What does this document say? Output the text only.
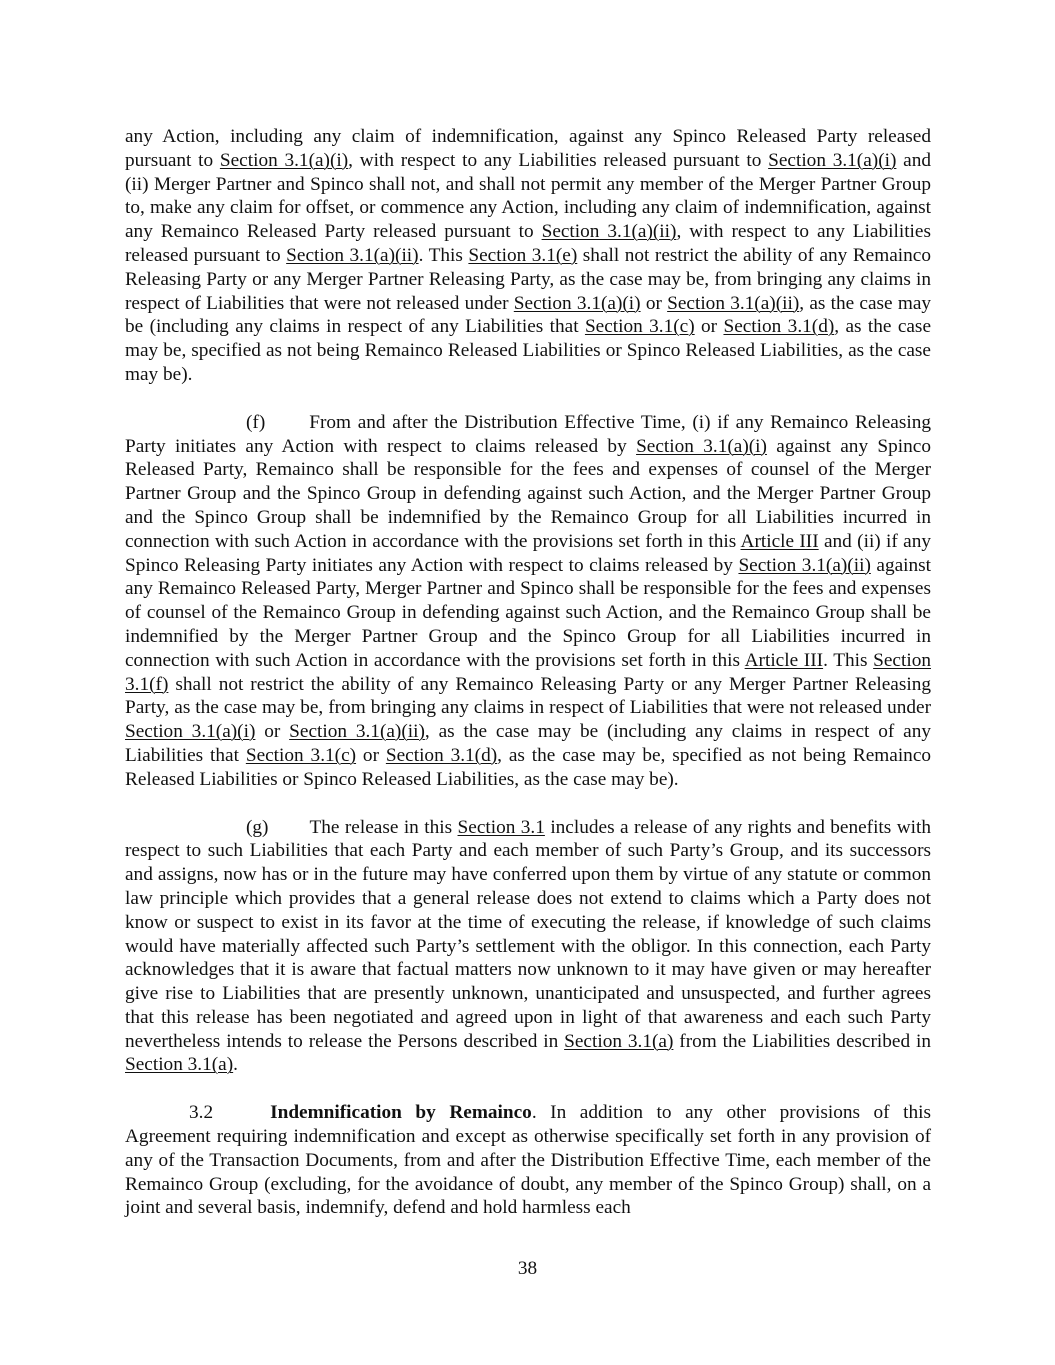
any Action, including any claim of indemnification, against any Spinco Released Party released pursuant to Section 3.1(a)(i), with respect to any Liabilities released pursuant to Section 3.1(a)(i) and (ii) Merger Partner and Spinco shall not, and shall not permit any member of the Merger Partner Group to, make any claim for offset, or commence any Action, including any claim of indemnification, against any Remainco Released Party released pursuant to Section 3.1(a)(ii), with respect to any Liabilities released pursuant to Section 3.1(a)(ii). This Section 3.1(e) shall not restrict the ability of any Remainco Releasing Party or any Merger Partner Releasing Party, as the case may be, from bringing any claims in respect of Liabilities that were not released under Section 3.1(a)(i) or Section 3.1(a)(ii), as the case may be (including any claims in respect of any Liabilities that Section 3.1(c) or Section 3.1(d), as the case may be, specified as not being Remainco Released Liabilities or Spinco Released Liabilities, as the case may be).

(f) From and after the Distribution Effective Time, (i) if any Remainco Releasing Party initiates any Action with respect to claims released by Section 3.1(a)(i) against any Spinco Released Party, Remainco shall be responsible for the fees and expenses of counsel of the Merger Partner Group and the Spinco Group in defending against such Action, and the Merger Partner Group and the Spinco Group shall be indemnified by the Remainco Group for all Liabilities incurred in connection with such Action in accordance with the provisions set forth in this Article III and (ii) if any Spinco Releasing Party initiates any Action with respect to claims released by Section 3.1(a)(ii) against any Remainco Released Party, Merger Partner and Spinco shall be responsible for the fees and expenses of counsel of the Remainco Group in defending against such Action, and the Remainco Group shall be indemnified by the Merger Partner Group and the Spinco Group for all Liabilities incurred in connection with such Action in accordance with the provisions set forth in this Article III. This Section 3.1(f) shall not restrict the ability of any Remainco Releasing Party or any Merger Partner Releasing Party, as the case may be, from bringing any claims in respect of Liabilities that were not released under Section 3.1(a)(i) or Section 3.1(a)(ii), as the case may be (including any claims in respect of any Liabilities that Section 3.1(c) or Section 3.1(d), as the case may be, specified as not being Remainco Released Liabilities or Spinco Released Liabilities, as the case may be).

(g) The release in this Section 3.1 includes a release of any rights and benefits with respect to such Liabilities that each Party and each member of such Party’s Group, and its successors and assigns, now has or in the future may have conferred upon them by virtue of any statute or common law principle which provides that a general release does not extend to claims which a Party does not know or suspect to exist in its favor at the time of executing the release, if knowledge of such claims would have materially affected such Party’s settlement with the obligor. In this connection, each Party acknowledges that it is aware that factual matters now unknown to it may have given or may hereafter give rise to Liabilities that are presently unknown, unanticipated and unsuspected, and further agrees that this release has been negotiated and agreed upon in light of that awareness and each such Party nevertheless intends to release the Persons described in Section 3.1(a) from the Liabilities described in Section 3.1(a).

3.2	Indemnification by Remainco. In addition to any other provisions of this Agreement requiring indemnification and except as otherwise specifically set forth in any provision of any of the Transaction Documents, from and after the Distribution Effective Time, each member of the Remainco Group (excluding, for the avoidance of doubt, any member of the Spinco Group) shall, on a joint and several basis, indemnify, defend and hold harmless each

38
